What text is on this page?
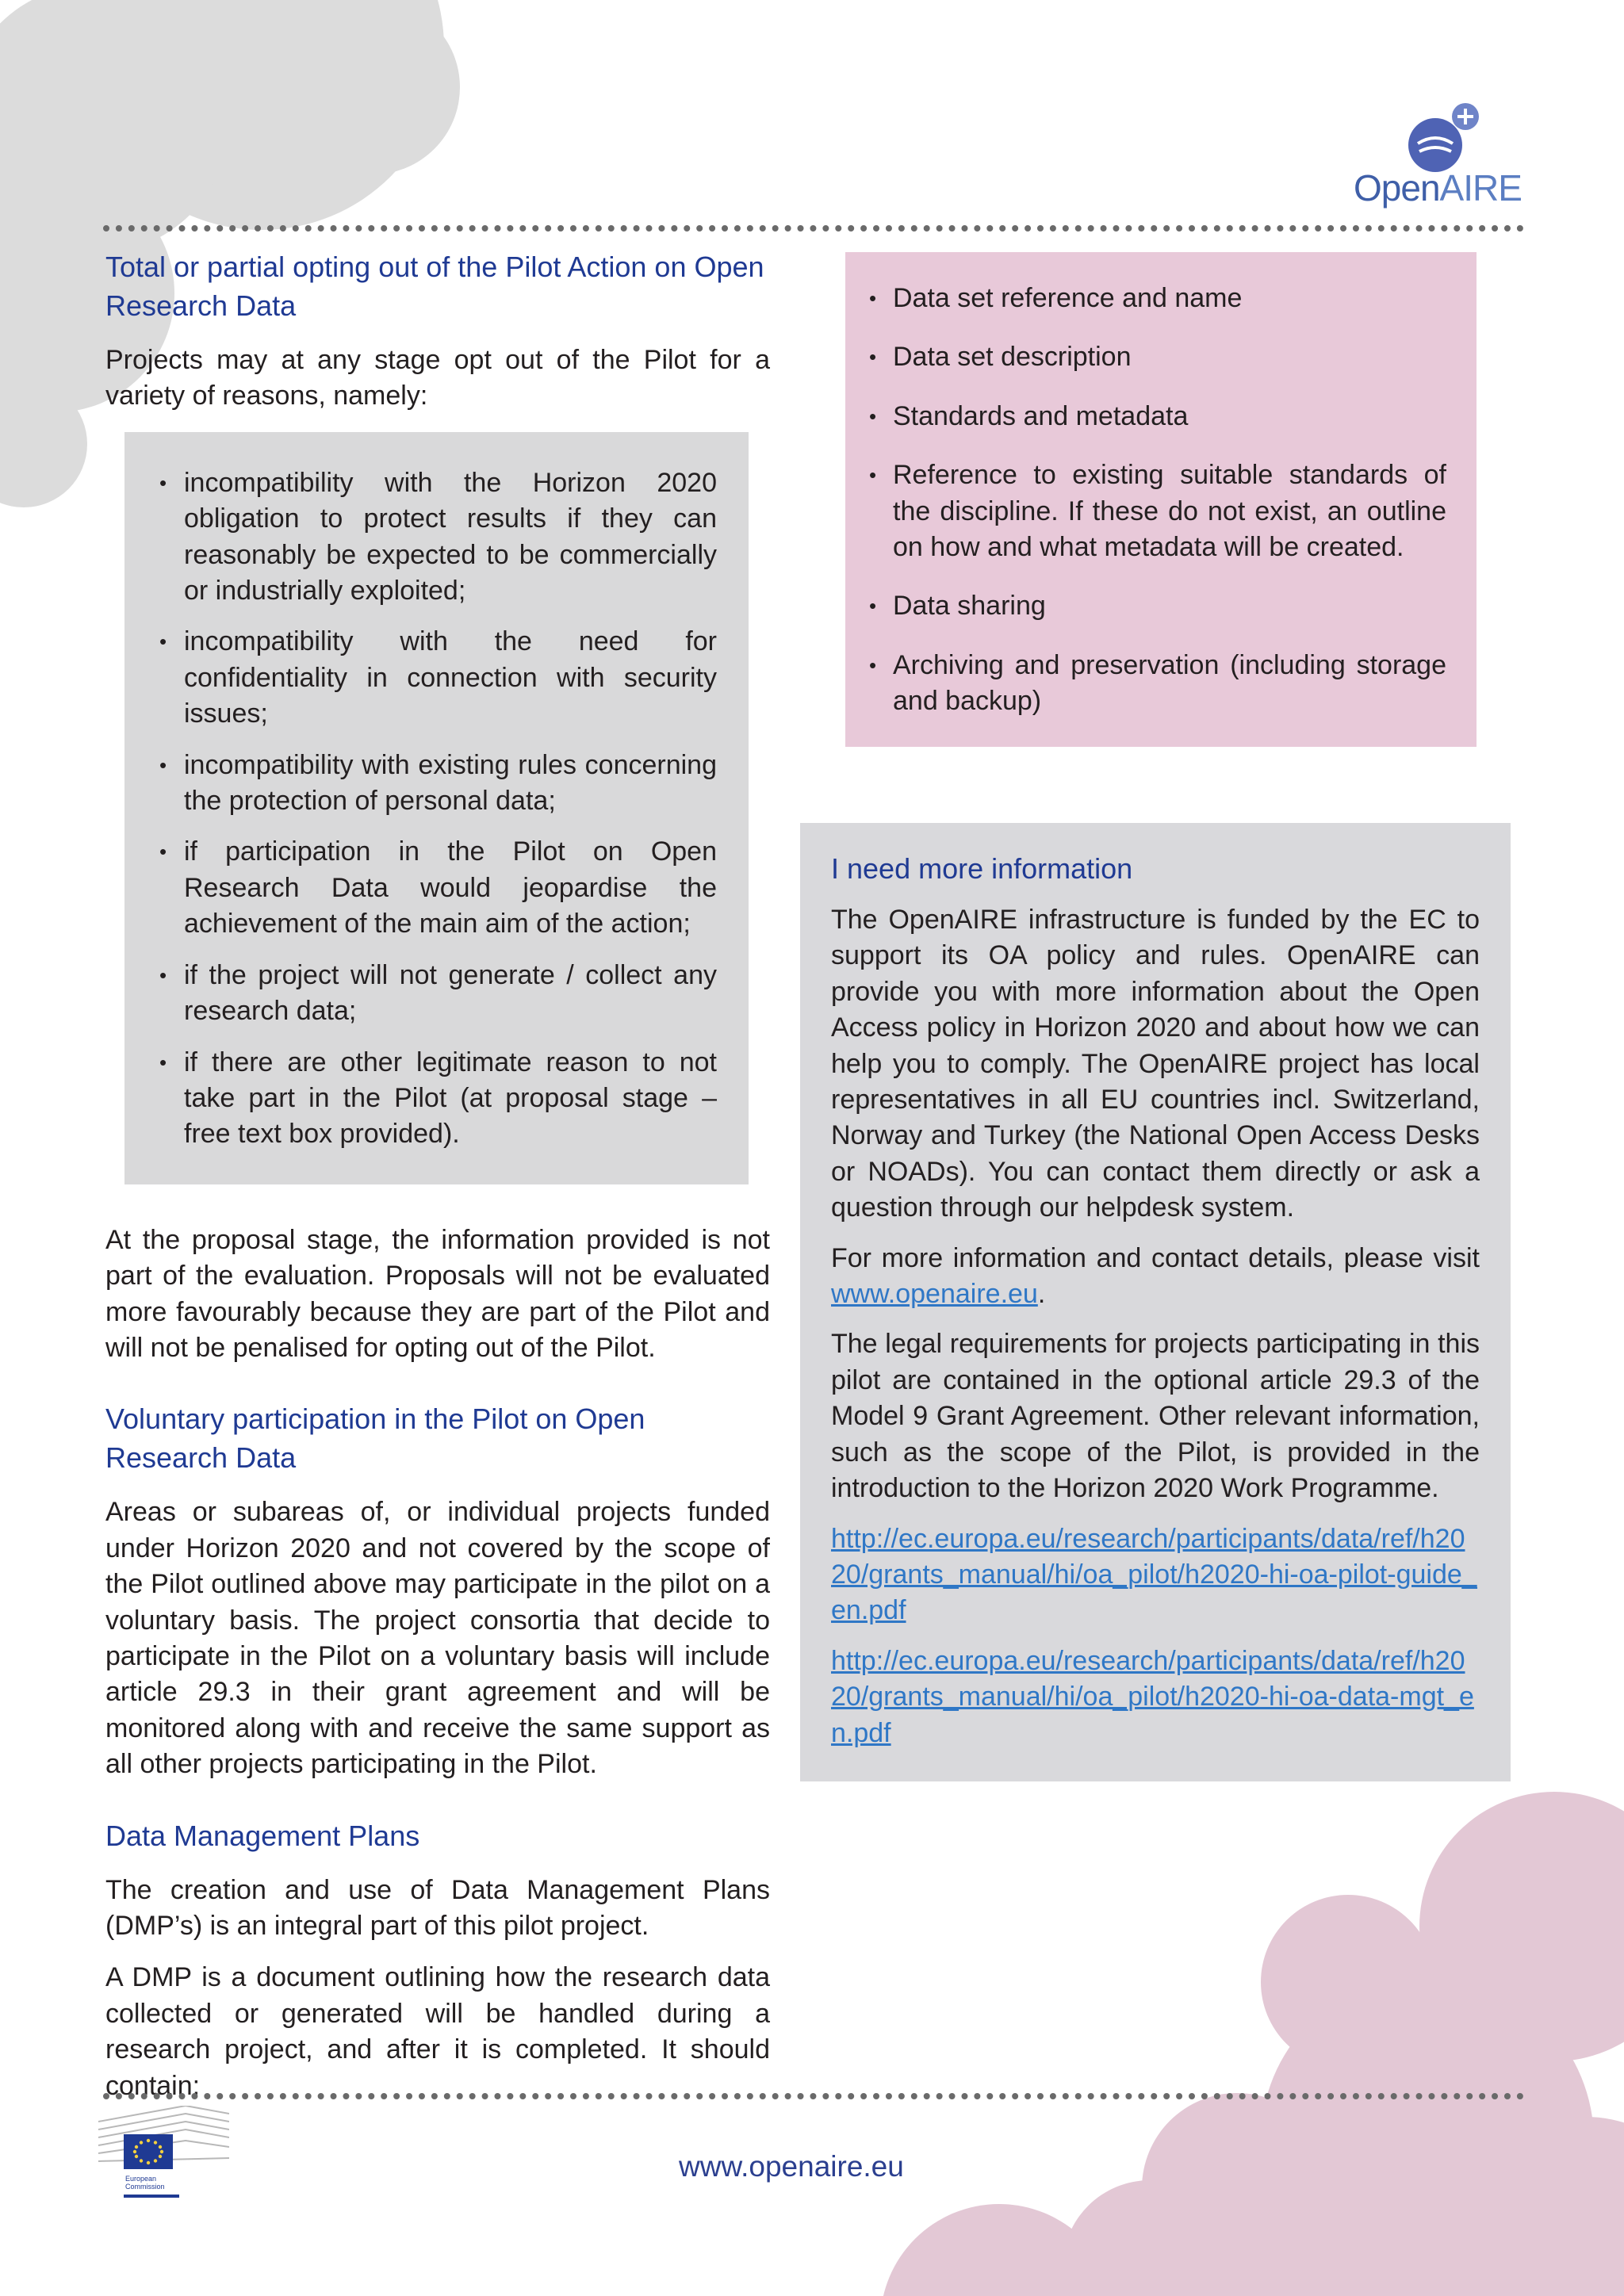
OpenAIRE
Total or partial opting out of the Pilot Action on Open Research Data

Projects may at any stage opt out of the Pilot for a variety of reasons, namely:

• incompatibility with the Horizon 2020 obligation to protect results if they can reasonably be expected to be commercially or industrially exploited;
• incompatibility with the need for confidentiality in connection with security issues;
• incompatibility with existing rules concerning the protection of personal data;
• if participation in the Pilot on Open Research Data would jeopardise the achievement of the main aim of the action;
• if the project will not generate / collect any research data;
• if there are other legitimate reason to not take part in the Pilot (at proposal stage – free text box provided).

At the proposal stage, the information provided is not part of the evaluation. Proposals will not be evaluated more favourably because they are part of the Pilot and will not be penalised for opting out of the Pilot.

Voluntary participation in the Pilot on Open Research Data

Areas or subareas of, or individual projects funded under Horizon 2020 and not covered by the scope of the Pilot outlined above may participate in the pilot on a voluntary basis. The project consortia that decide to participate in the Pilot on a voluntary basis will include article 29.3 in their grant agreement and will be monitored along with and receive the same support as all other projects participating in the Pilot.

Data Management Plans

The creation and use of Data Management Plans (DMP’s) is an integral part of this pilot project.

A DMP is a document outlining how the research data collected or generated will be handled during a research project, and after it is completed. It should contain:

• Data set reference and name
• Data set description
• Standards and metadata
• Reference to existing suitable standards of the discipline. If these do not exist, an outline on how and what metadata will be created.
• Data sharing
• Archiving and preservation (including storage and backup)
I need more information

The OpenAIRE infrastructure is funded by the EC to support its OA policy and rules. OpenAIRE can provide you with more information about the Open Access policy in Horizon 2020 and about how we can help you to comply. The OpenAIRE project has local representatives in all EU countries incl. Switzerland, Norway and Turkey (the National Open Access Desks or NOADs). You can contact them directly or ask a question through our helpdesk system.

For more information and contact details, please visit www.openaire.eu.

The legal requirements for projects participating in this pilot are contained in the optional article 29.3 of the Model 9 Grant Agreement. Other relevant information, such as the scope of the Pilot, is provided in the introduction to the Horizon 2020 Work Programme.

http://ec.europa.eu/research/participants/data/ref/h2020/grants_manual/hi/oa_pilot/h2020-hi-oa-pilot-guide_en.pdf

http://ec.europa.eu/research/participants/data/ref/h2020/grants_manual/hi/oa_pilot/h2020-hi-oa-data-mgt_en.pdf

European
Commission
www.openaire.eu
